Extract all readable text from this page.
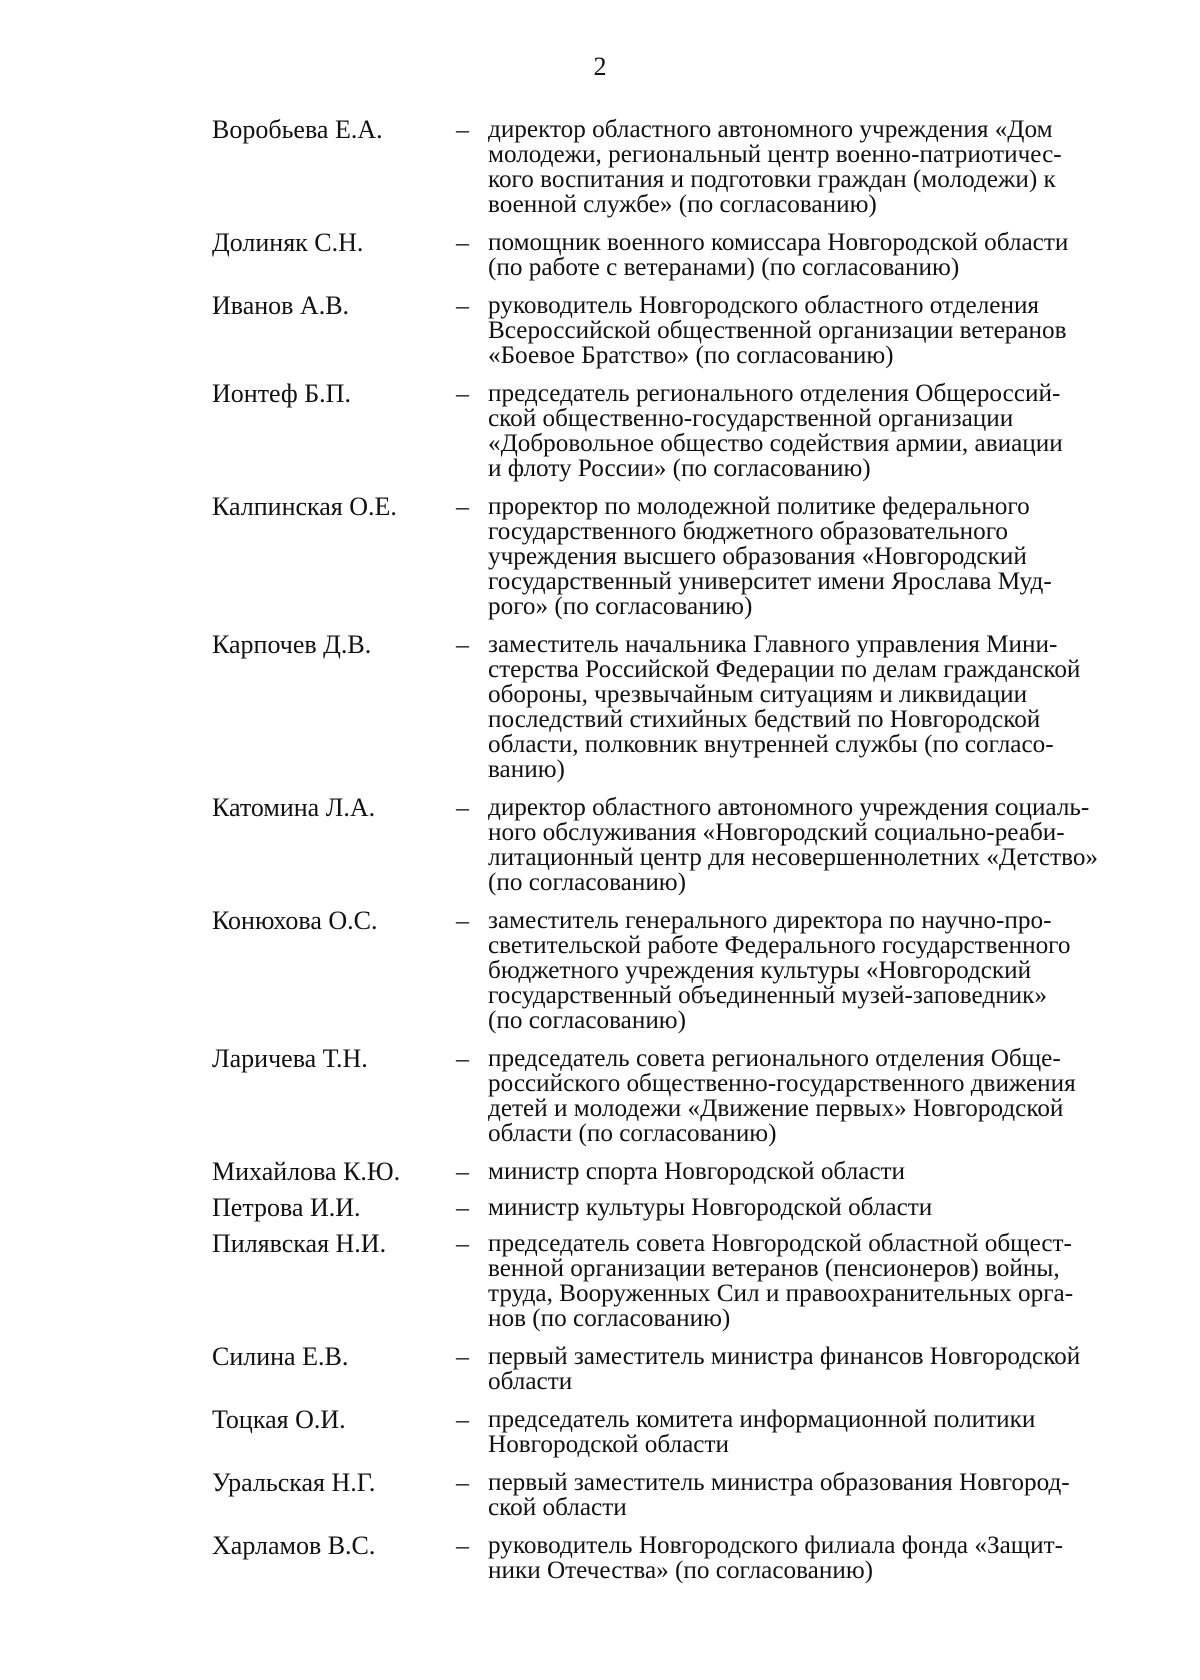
2
Воробьева Е.А.	– директор областного автономного учреждения «Дом
молодежи, региональный центр военно-патриотичес-
кого воспитания и подготовки граждан (молодежи) к
военной службе» (по согласованию)
Долиняк С.Н.	– помощник военного комиссара Новгородской области
(по работе с ветеранами) (по согласованию)
Иванов А.В.	– руководитель Новгородского областного отделения
Всероссийской общественной организации ветеранов
«Боевое Братство» (по согласованию)
Ионтеф Б.П.	– председатель регионального отделения Общероссий-
ской общественно-государственной организации
«Добровольное общество содействия армии, авиации
и флоту России» (по согласованию)
Калпинская О.Е.	– проректор по молодежной политике федерального
государственного бюджетного образовательного
учреждения высшего образования «Новгородский
государственный университет имени Ярослава Муд-
рого» (по согласованию)
Карпочев Д.В.	– заместитель начальника Главного управления Мини-
стерства Российской Федерации по делам гражданской
обороны, чрезвычайным ситуациям и ликвидации
последствий стихийных бедствий по Новгородской
области, полковник внутренней службы (по согласо-
ванию)
Катомина Л.А.	– директор областного автономного учреждения социаль-
ного обслуживания «Новгородский социально-реаби-
литационный центр для несовершеннолетних «Детство»
(по согласованию)
Конюхова О.С.	– заместитель генерального директора по научно-про-
светительской работе Федерального государственного
бюджетного учреждения культуры «Новгородский
государственный объединенный музей-заповедник»
(по согласованию)
Ларичева Т.Н.	– председатель совета регионального отделения Обще-
российского общественно-государственного движения
детей и молодежи «Движение первых» Новгородской
области (по согласованию)
Михайлова К.Ю.	– министр спорта Новгородской области
Петрова И.И.	– министр культуры Новгородской области
Пилявская Н.И.	– председатель совета Новгородской областной общест-
венной организации ветеранов (пенсионеров) войны,
труда, Вооруженных Сил и правоохранительных орга-
нов (по согласованию)
Силина Е.В.	– первый заместитель министра финансов Новгородской
области
Тоцкая О.И.	– председатель комитета информационной политики
Новгородской области
Уральская Н.Г.	– первый заместитель министра образования Новгород-
ской области
Харламов В.С.	– руководитель Новгородского филиала фонда «Защит-
ники Отечества» (по согласованию)
